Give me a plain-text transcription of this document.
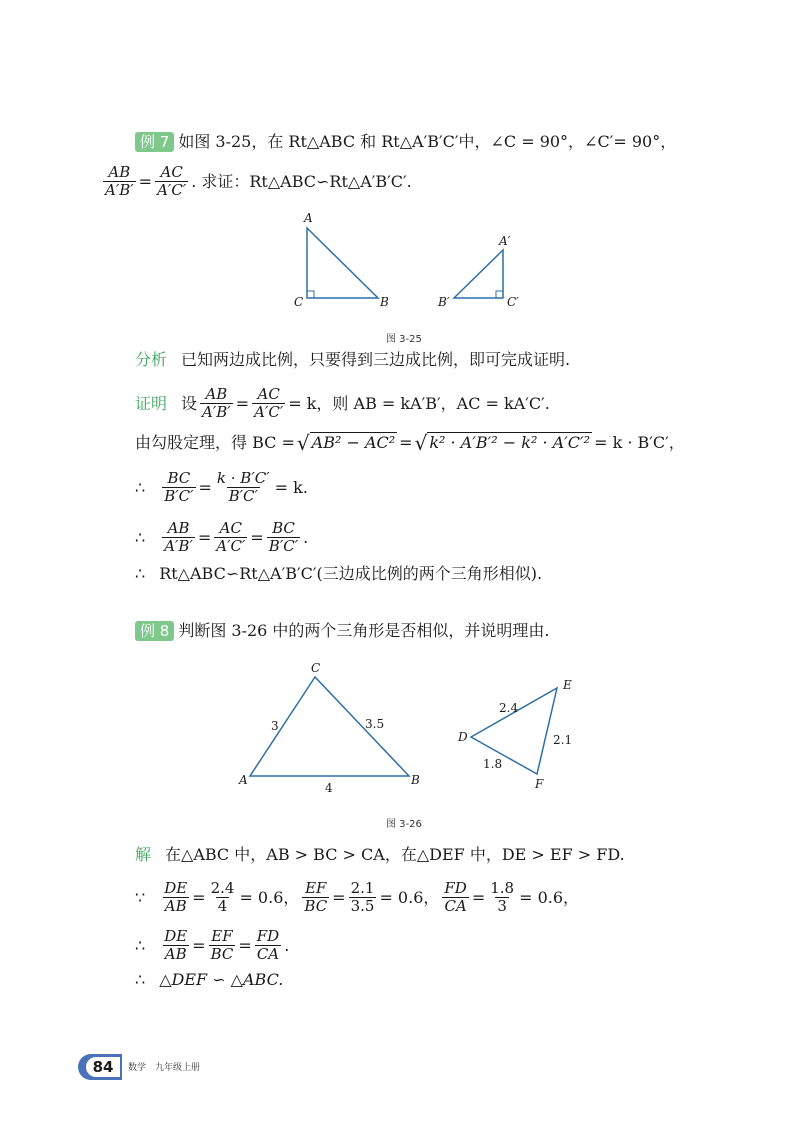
例 7 如图 3-25，在 Rt△ABC 和 Rt△A′B′C′中，∠C = 90°，∠C′= 90°，
$\frac{AB}{A'B'} = \frac{AC}{A'C'}$ . 求证：Rt△ABC∽Rt△A′B′C′.
A
C	B
A′
B′	C′
图 3-25
分析 已知两边成比例，只要得到三边成比例，即可完成证明.
证明 设 $\frac{AB}{A'B'} = \frac{AC}{A'C'} = k$，则 AB = kA′B′，AC = kA′C′.
由勾股定理，得 BC = √ AB² − AC² = √ k² · A′B′² − k² · A′C′² = k · B′C′，
∴ $\frac{BC}{B'C'} = \frac{k \cdot B'C'}{B'C'} = k$.
∴ $\frac{AB}{A'B'} = \frac{AC}{A'C'} = \frac{BC}{B'C'}$ .
∴ Rt△ABC∽Rt△A′B′C′(三边成比例的两个三角形相似).
例 8 判断图 3-26 中的两个三角形是否相似，并说明理由.
C
A	B
3	3.5
4
E
D
F
2.4
2.1
1.8
图 3-26
解 在△ABC 中，AB > BC > CA，在△DEF 中，DE > EF > FD.
∵ $\frac{DE}{AB} = \frac{2.4}{4} = 0.6$， $\frac{EF}{BC} = \frac{2.1}{3.5} = 0.6$， $\frac{FD}{CA} = \frac{1.8}{3} = 0.6$，
∴ $\frac{DE}{AB} = \frac{EF}{BC} = \frac{FD}{CA}$ .
∴ △DEF ∽ △ABC.
84	数学　九年级上册
